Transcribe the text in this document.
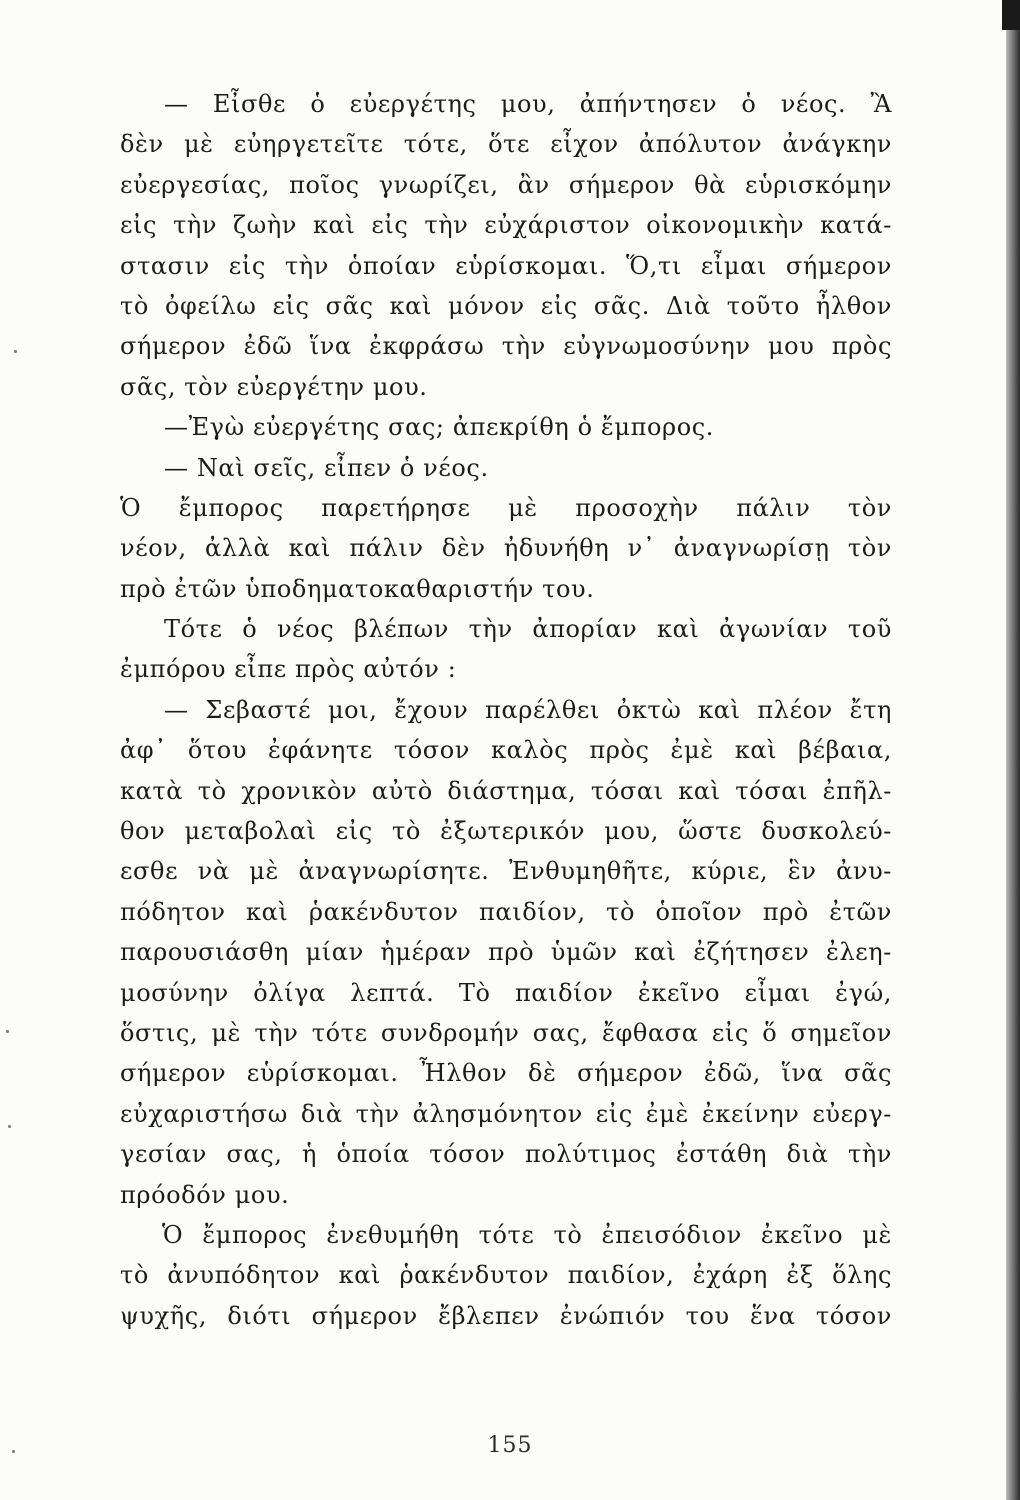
— Εἶσθε ὁ εὐεργέτης μου, ἀπήντησεν ὁ νέος. Ἂ
δὲν μὲ εὐηργετεῖτε τότε, ὅτε εἶχον ἀπόλυτον ἀνάγκην
εὐεργεσίας, ποῖος γνωρίζει, ἂν σήμερον θὰ εὑρισκόμην
εἰς τὴν ζωὴν καὶ εἰς τὴν εὐχάριστον οἰκονομικὴν κατά-
στασιν εἰς τὴν ὁποίαν εὑρίσκομαι. Ὅ,τι εἶμαι σήμερον
τὸ ὀφείλω εἰς σᾶς καὶ μόνον εἰς σᾶς. Διὰ τοῦτο ἦλθον
σήμερον ἐδῶ ἵνα ἐκφράσω τὴν εὐγνωμοσύνην μου πρὸς
σᾶς, τὸν εὐεργέτην μου.
—Ἐγὼ εὐεργέτης σας; ἀπεκρίθη ὁ ἔμπορος.
— Ναὶ σεῖς, εἶπεν ὁ νέος.
Ὁ ἔμπορος παρετήρησε μὲ προσοχὴν πάλιν τὸν
νέον, ἀλλὰ καὶ πάλιν δὲν ἠδυνήθη ν᾽ ἀναγνωρίσῃ τὸν
πρὸ ἐτῶν ὑποδηματοκαθαριστήν του.
Τότε ὁ νέος βλέπων τὴν ἀπορίαν καὶ ἀγωνίαν τοῦ
ἐμπόρου εἶπε πρὸς αὐτόν :
— Σεβαστέ μοι, ἔχουν παρέλθει ὀκτὼ καὶ πλέον ἔτη
ἀφ᾽ ὅτου ἐφάνητε τόσον καλὸς πρὸς ἐμὲ καὶ βέβαια,
κατὰ τὸ χρονικὸν αὐτὸ διάστημα, τόσαι καὶ τόσαι ἐπῆλ-
θον μεταβολαὶ εἰς τὸ ἐξωτερικόν μου, ὥστε δυσκολεύ-
εσθε νὰ μὲ ἀναγνωρίσητε. Ἐνθυμηθῆτε, κύριε, ἓν ἀνυ-
πόδητον καὶ ῥακένδυτον παιδίον, τὸ ὁποῖον πρὸ ἐτῶν
παρουσιάσθη μίαν ἡμέραν πρὸ ὑμῶν καὶ ἐζήτησεν ἐλεη-
μοσύνην ὀλίγα λεπτά. Τὸ παιδίον ἐκεῖνο εἶμαι ἐγώ,
ὅστις, μὲ τὴν τότε συνδρομήν σας, ἔφθασα εἰς ὅ σημεῖον
σήμερον εὑρίσκομαι. Ἦλθον δὲ σήμερον ἐδῶ, ἵνα σᾶς
εὐχαριστήσω διὰ τὴν ἀλησμόνητον εἰς ἐμὲ ἐκείνην εὐεργ-
γεσίαν σας, ἡ ὁποία τόσον πολύτιμος ἐστάθη διὰ τὴν
πρόοδόν μου.
Ὁ ἔμπορος ἐνεθυμήθη τότε τὸ ἐπεισόδιον ἐκεῖνο μὲ
τὸ ἀνυπόδητον καὶ ῥακένδυτον παιδίον, ἐχάρη ἐξ ὅλης
ψυχῆς, διότι σήμερον ἔβλεπεν ἐνώπιόν του ἕνα τόσον
155
